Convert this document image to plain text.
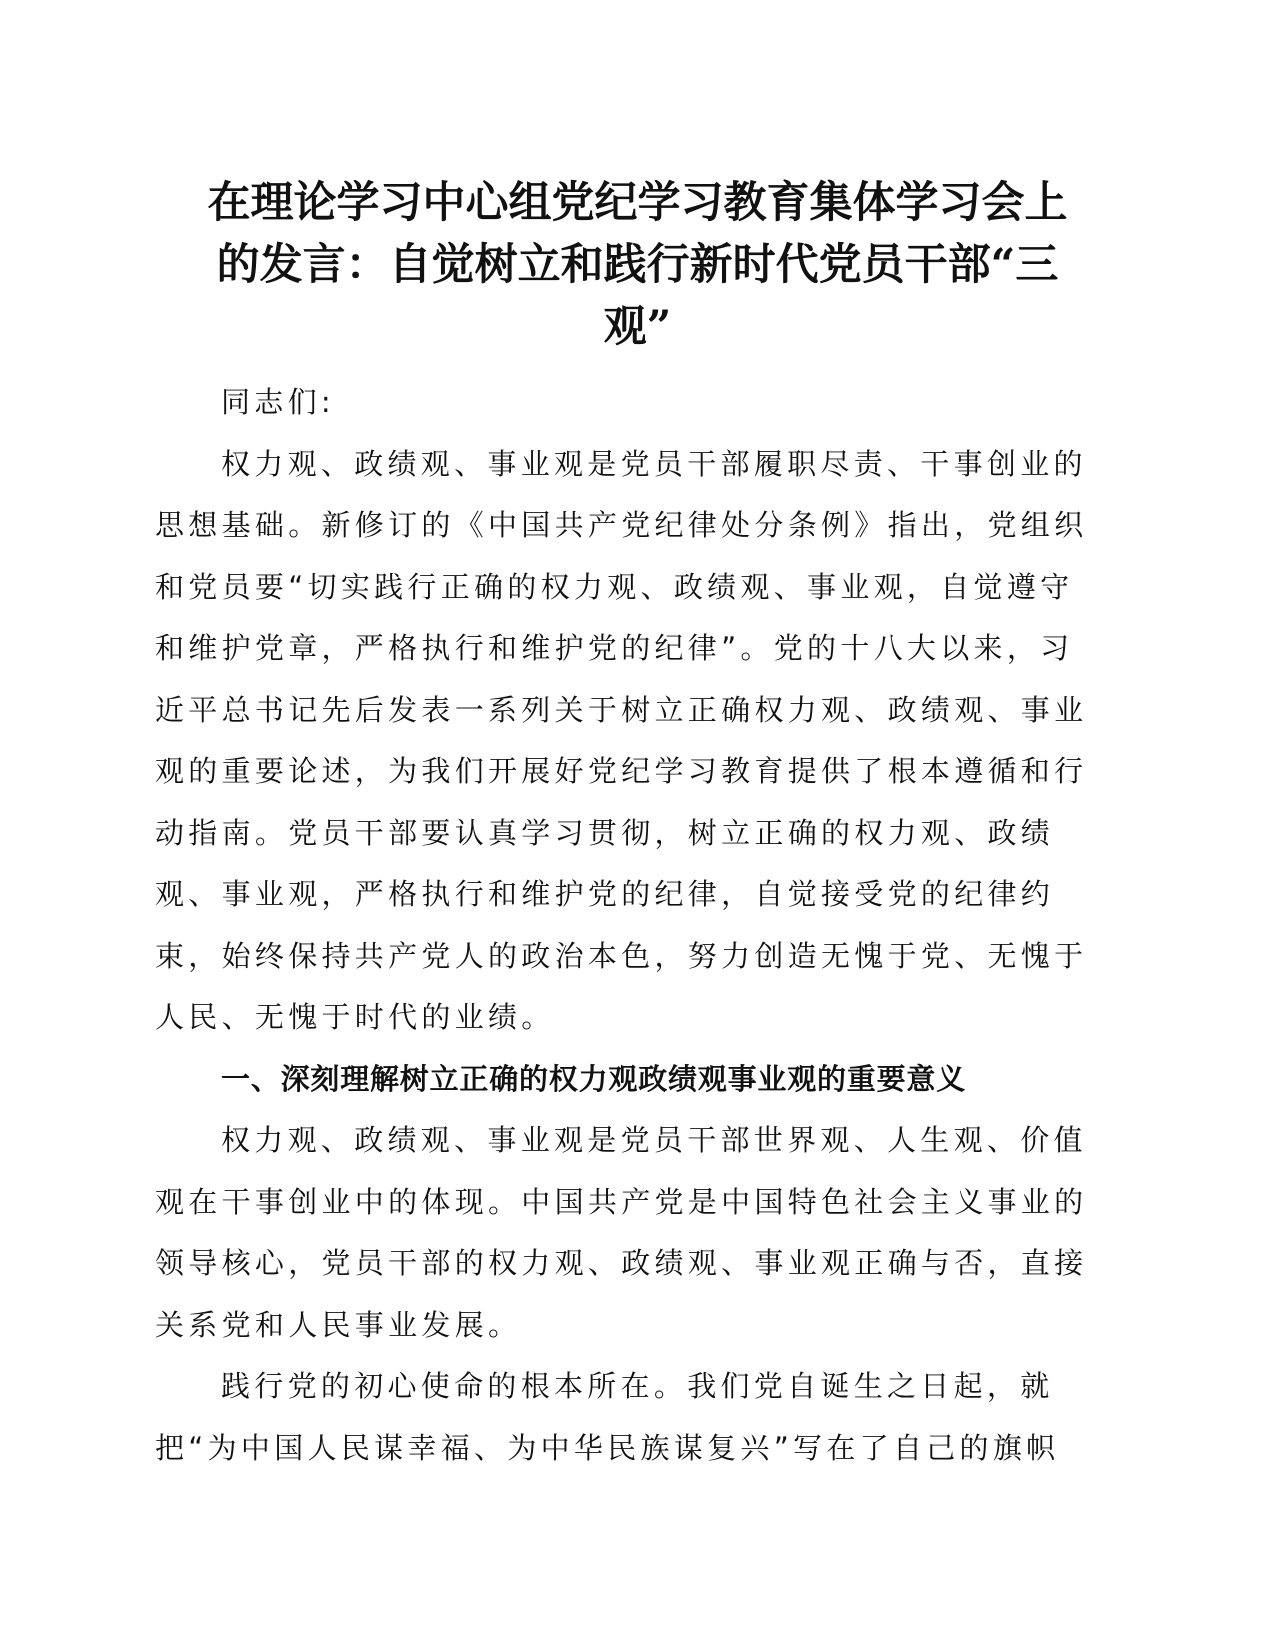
在理论学习中心组党纪学习教育集体学习会上
的发言：自觉树立和践行新时代党员干部“三
观”
同志们:
权力观、政绩观、事业观是党员干部履职尽责、干事创业的
思想基础。新修订的《中国共产党纪律处分条例》指出，党组织
和党员要“切实践行正确的权力观、政绩观、事业观，自觉遵守
和维护党章，严格执行和维护党的纪律”。党的十八大以来，习
近平总书记先后发表一系列关于树立正确权力观、政绩观、事业
观的重要论述，为我们开展好党纪学习教育提供了根本遵循和行
动指南。党员干部要认真学习贯彻，树立正确的权力观、政绩
观、事业观，严格执行和维护党的纪律，自觉接受党的纪律约
束，始终保持共产党人的政治本色，努力创造无愧于党、无愧于
人民、无愧于时代的业绩。
一、深刻理解树立正确的权力观政绩观事业观的重要意义
权力观、政绩观、事业观是党员干部世界观、人生观、价值
观在干事创业中的体现。中国共产党是中国特色社会主义事业的
领导核心，党员干部的权力观、政绩观、事业观正确与否，直接
关系党和人民事业发展。
践行党的初心使命的根本所在。我们党自诞生之日起，就
把“为中国人民谋幸福、为中华民族谋复兴”写在了自己的旗帜
